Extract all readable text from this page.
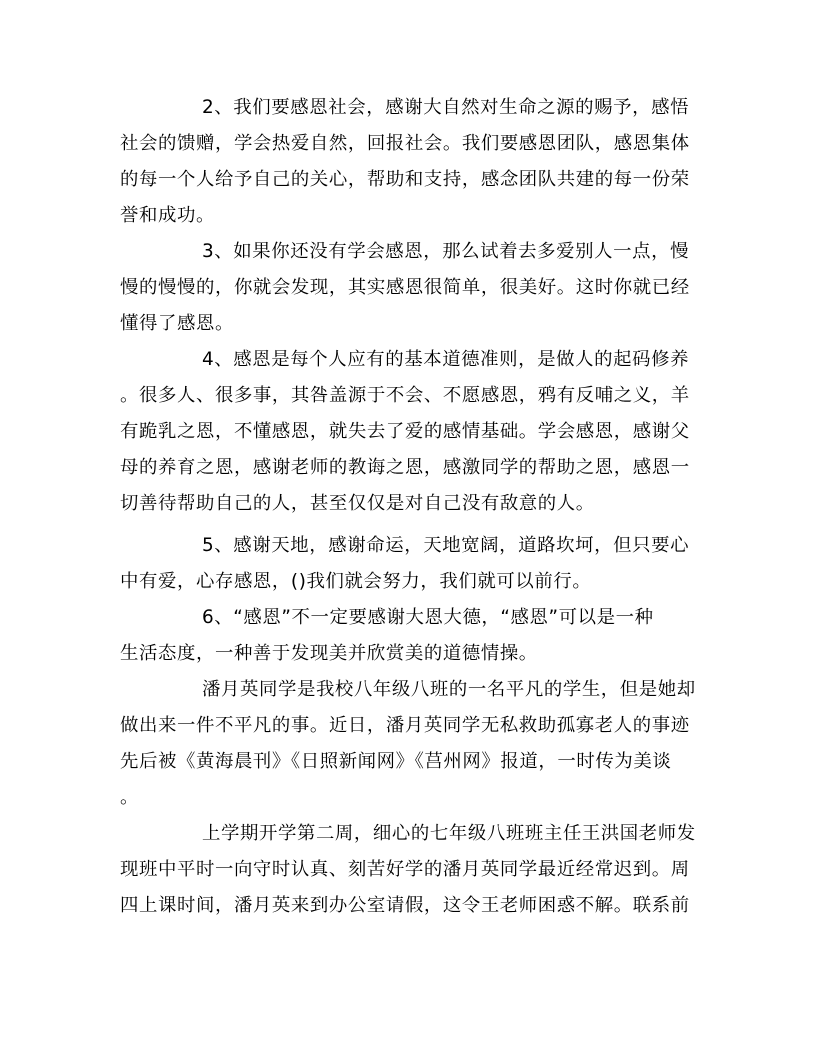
2、我们要感恩社会，感谢大自然对生命之源的赐予，感悟
社会的馈赠，学会热爱自然，回报社会。我们要感恩团队，感恩集体
的每一个人给予自己的关心，帮助和支持，感念团队共建的每一份荣
誉和成功。
3、如果你还没有学会感恩，那么试着去多爱别人一点，慢
慢的慢慢的，你就会发现，其实感恩很简单，很美好。这时你就已经
懂得了感恩。
4、感恩是每个人应有的基本道德准则，是做人的起码修养
。很多人、很多事，其咎盖源于不会、不愿感恩，鸦有反哺之义，羊
有跪乳之恩，不懂感恩，就失去了爱的感情基础。学会感恩，感谢父
母的养育之恩，感谢老师的教诲之恩，感激同学的帮助之恩，感恩一
切善待帮助自己的人，甚至仅仅是对自己没有敌意的人。
5、感谢天地，感谢命运，天地宽阔，道路坎坷，但只要心
中有爱，心存感恩，()我们就会努力，我们就可以前行。
6、“感恩”不一定要感谢大恩大德，“感恩”可以是一种
生活态度，一种善于发现美并欣赏美的道德情操。
潘月英同学是我校八年级八班的一名平凡的学生，但是她却
做出来一件不平凡的事。近日，潘月英同学无私救助孤寡老人的事迹
先后被《黄海晨刊》《日照新闻网》《莒州网》报道，一时传为美谈
。
上学期开学第二周，细心的七年级八班班主任王洪国老师发
现班中平时一向守时认真、刻苦好学的潘月英同学最近经常迟到。周
四上课时间，潘月英来到办公室请假，这令王老师困惑不解。联系前
